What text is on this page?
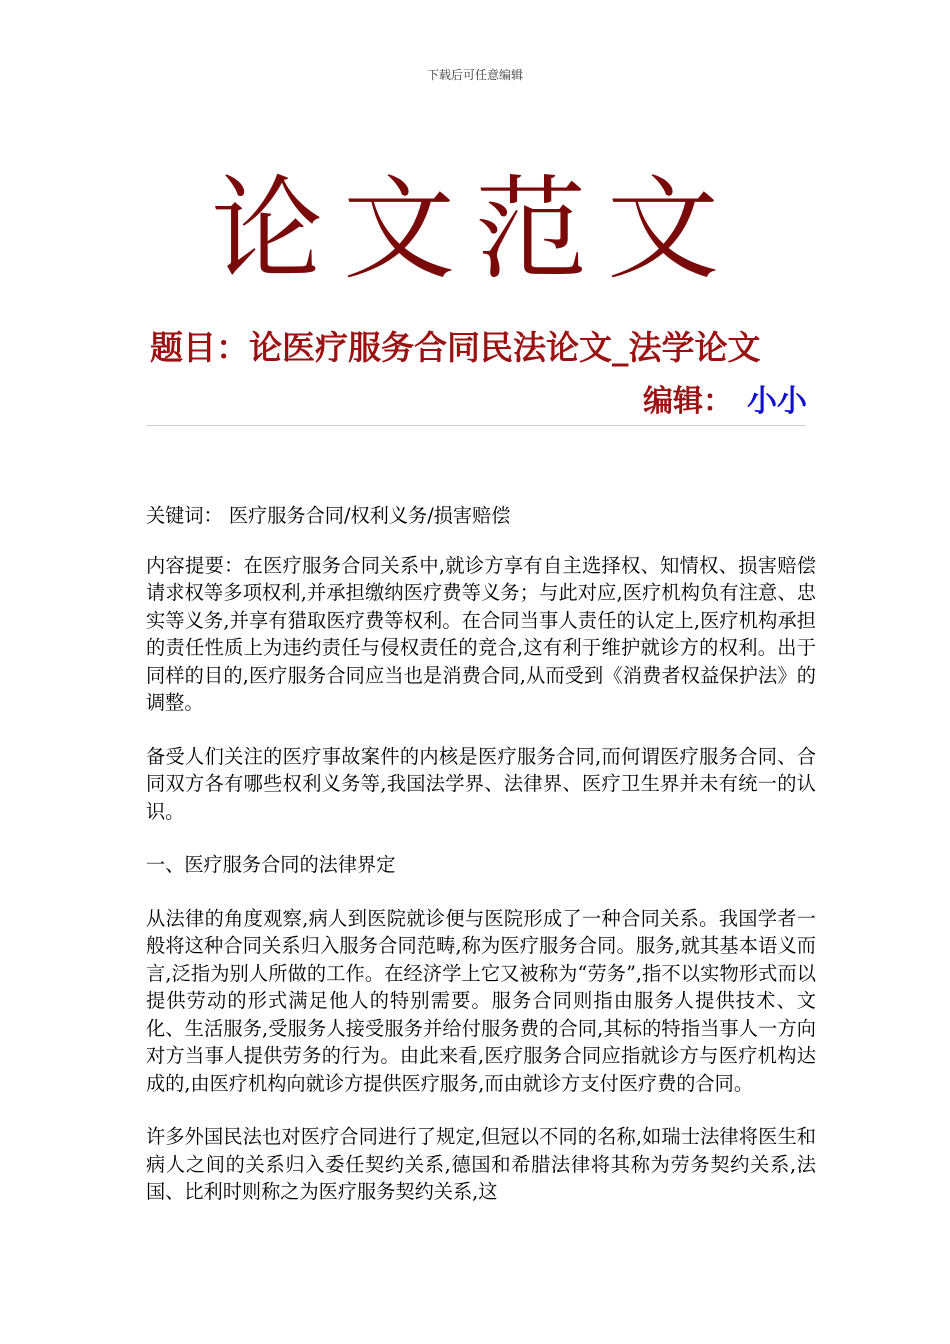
下载后可任意编辑
论文范文
题目：论医疗服务合同民法论文_法学论文
编辑： 小小

关键词： 医疗服务合同/权利义务/损害赔偿

内容提要：在医疗服务合同关系中,就诊方享有自主选择权、知情权、损害赔偿请求权等多项权利,并承担缴纳医疗费等义务；与此对应,医疗机构负有注意、忠实等义务,并享有猎取医疗费等权利。在合同当事人责任的认定上,医疗机构承担的责任性质上为违约责任与侵权责任的竞合,这有利于维护就诊方的权利。出于同样的目的,医疗服务合同应当也是消费合同,从而受到《消费者权益保护法》的调整。

备受人们关注的医疗事故案件的内核是医疗服务合同,而何谓医疗服务合同、合同双方各有哪些权利义务等,我国法学界、法律界、医疗卫生界并未有统一的认识。

一、医疗服务合同的法律界定

从法律的角度观察,病人到医院就诊便与医院形成了一种合同关系。我国学者一般将这种合同关系归入服务合同范畴,称为医疗服务合同。服务,就其基本语义而言,泛指为别人所做的工作。在经济学上它又被称为“劳务”,指不以实物形式而以提供劳动的形式满足他人的特别需要。服务合同则指由服务人提供技术、文化、生活服务,受服务人接受服务并给付服务费的合同,其标的特指当事人一方向对方当事人提供劳务的行为。由此来看,医疗服务合同应指就诊方与医疗机构达成的,由医疗机构向就诊方提供医疗服务,而由就诊方支付医疗费的合同。

许多外国民法也对医疗合同进行了规定,但冠以不同的名称,如瑞士法律将医生和病人之间的关系归入委任契约关系,德国和希腊法律将其称为劳务契约关系,法国、比利时则称之为医疗服务契约关系,这
